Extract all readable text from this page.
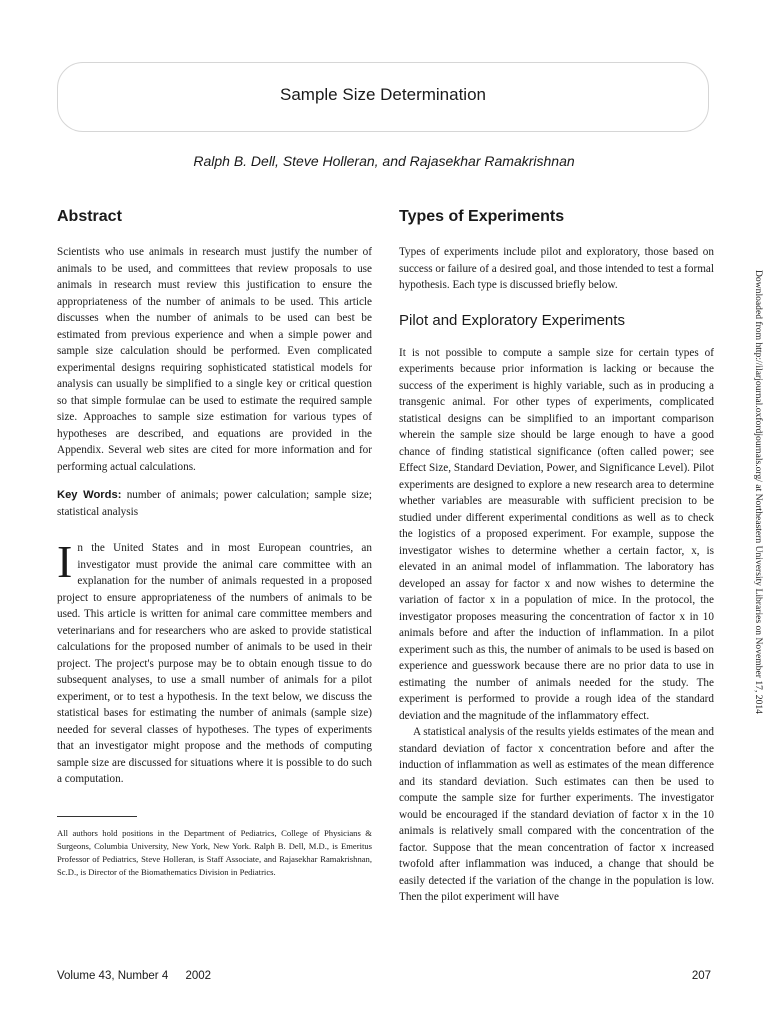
Sample Size Determination
Ralph B. Dell, Steve Holleran, and Rajasekhar Ramakrishnan
Abstract

Scientists who use animals in research must justify the number of animals to be used, and committees that review proposals to use animals in research must review this justification to ensure the appropriateness of the number of animals to be used. This article discusses when the number of animals to be used can best be estimated from previous experience and when a simple power and sample size calculation should be performed. Even complicated experimental designs requiring sophisticated statistical models for analysis can usually be simplified to a single key or critical question so that simple formulae can be used to estimate the required sample size. Approaches to sample size estimation for various types of hypotheses are described, and equations are provided in the Appendix. Several web sites are cited for more information and for performing actual calculations.

Key Words: number of animals; power calculation; sample size; statistical analysis

In the United States and in most European countries, an investigator must provide the animal care committee with an explanation for the number of animals requested in a proposed project to ensure appropriateness of the numbers of animals to be used. This article is written for animal care committee members and veterinarians and for researchers who are asked to provide statistical calculations for the proposed number of animals to be used in their project. The project's purpose may be to obtain enough tissue to do subsequent analyses, to use a small number of animals for a pilot experiment, or to test a hypothesis. In the text below, we discuss the statistical bases for estimating the number of animals (sample size) needed for several classes of hypotheses. The types of experiments that an investigator might propose and the methods of computing sample size are discussed for situations where it is possible to do such a computation.

All authors hold positions in the Department of Pediatrics, College of Physicians & Surgeons, Columbia University, New York, New York. Ralph B. Dell, M.D., is Emeritus Professor of Pediatrics, Steve Holleran, is Staff Associate, and Rajasekhar Ramakrishnan, Sc.D., is Director of the Biomathematics Division in Pediatrics.
Types of Experiments

Types of experiments include pilot and exploratory, those based on success or failure of a desired goal, and those intended to test a formal hypothesis. Each type is discussed briefly below.

Pilot and Exploratory Experiments

It is not possible to compute a sample size for certain types of experiments because prior information is lacking or because the success of the experiment is highly variable, such as in producing a transgenic animal. For other types of experiments, complicated statistical designs can be simplified to an important comparison wherein the sample size should be large enough to have a good chance of finding statistical significance (often called power; see Effect Size, Standard Deviation, Power, and Significance Level). Pilot experiments are designed to explore a new research area to determine whether variables are measurable with sufficient precision to be studied under different experimental conditions as well as to check the logistics of a proposed experiment. For example, suppose the investigator wishes to determine whether a certain factor, x, is elevated in an animal model of inflammation. The laboratory has developed an assay for factor x and now wishes to determine the variation of factor x in a population of mice. In the protocol, the investigator proposes measuring the concentration of factor x in 10 animals before and after the induction of inflammation. In a pilot experiment such as this, the number of animals to be used is based on experience and guesswork because there are no prior data to use in estimating the number of animals needed for the study. The experiment is performed to provide a rough idea of the standard deviation and the magnitude of the inflammatory effect.

A statistical analysis of the results yields estimates of the mean and standard deviation of factor x concentration before and after the induction of inflammation as well as estimates of the mean difference and its standard deviation. Such estimates can then be used to compute the sample size for further experiments. The investigator would be encouraged if the standard deviation of factor x in the 10 animals is relatively small compared with the concentration of the factor. Suppose that the mean concentration of factor x increased twofold after inflammation was induced, a change that should be easily detected if the variation of the change in the population is low. Then the pilot experiment will have

Volume 43, Number 4 2002	207
Downloaded from http://ilarjournal.oxfordjournals.org/ at Northeastern University Libraries on November 17, 2014
